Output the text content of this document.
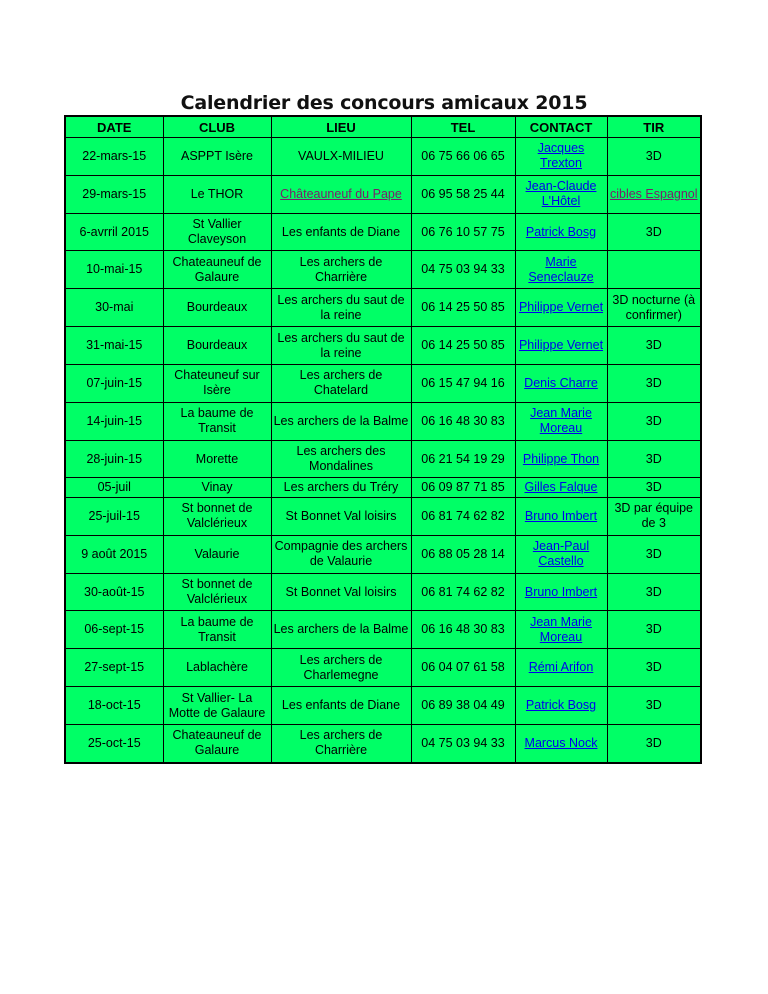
Calendrier des concours amicaux 2015
DATE	CLUB	LIEU	TEL	CONTACT	TIR
22-mars-15	ASPPT Isère	VAULX-MILIEU	06 75 66 06 65	Jacques Trexton	3D
29-mars-15	Le THOR	Châteauneuf du Pape	06 95 58 25 44	Jean-Claude L'Hôtel	cibles Espagnol
6-avrril 2015	St Vallier Claveyson	Les enfants de Diane	06 76 10 57 75	Patrick Bosg	3D
10-mai-15	Chateauneuf de Galaure	Les archers de Charrière	04 75 03 94 33	Marie Seneclauze	
30-mai	Bourdeaux	Les archers du saut de la reine	06 14 25 50 85	Philippe Vernet	3D nocturne (à confirmer)
31-mai-15	Bourdeaux	Les archers du saut de la reine	06 14 25 50 85	Philippe Vernet	3D
07-juin-15	Chateuneuf sur Isère	Les archers de Chatelard	06 15 47 94 16	Denis Charre	3D
14-juin-15	La baume de Transit	Les archers de la Balme	06 16 48 30 83	Jean Marie Moreau	3D
28-juin-15	Morette	Les archers des Mondalines	06 21 54 19 29	Philippe Thon	3D
05-juil	Vinay	Les archers du Tréry	06 09 87 71 85	Gilles Falque	3D
25-juil-15	St bonnet de Valclérieux	St Bonnet Val loisirs	06 81 74 62 82	Bruno Imbert	3D par équipe de 3
9 août 2015	Valaurie	Compagnie des archers de Valaurie	06 88 05 28 14	Jean-Paul Castello	3D
30-août-15	St bonnet de Valclérieux	St Bonnet Val loisirs	06 81 74 62 82	Bruno Imbert	3D
06-sept-15	La baume de Transit	Les archers de la Balme	06 16 48 30 83	Jean Marie Moreau	3D
27-sept-15	Lablachère	Les archers de Charlemegne	06 04 07 61 58	Rémi Arifon	3D
18-oct-15	St Vallier- La Motte de Galaure	Les enfants de Diane	06 89 38 04 49	Patrick Bosg	3D
25-oct-15	Chateauneuf de Galaure	Les archers de Charrière	04 75 03 94 33	Marcus Nock	3D
